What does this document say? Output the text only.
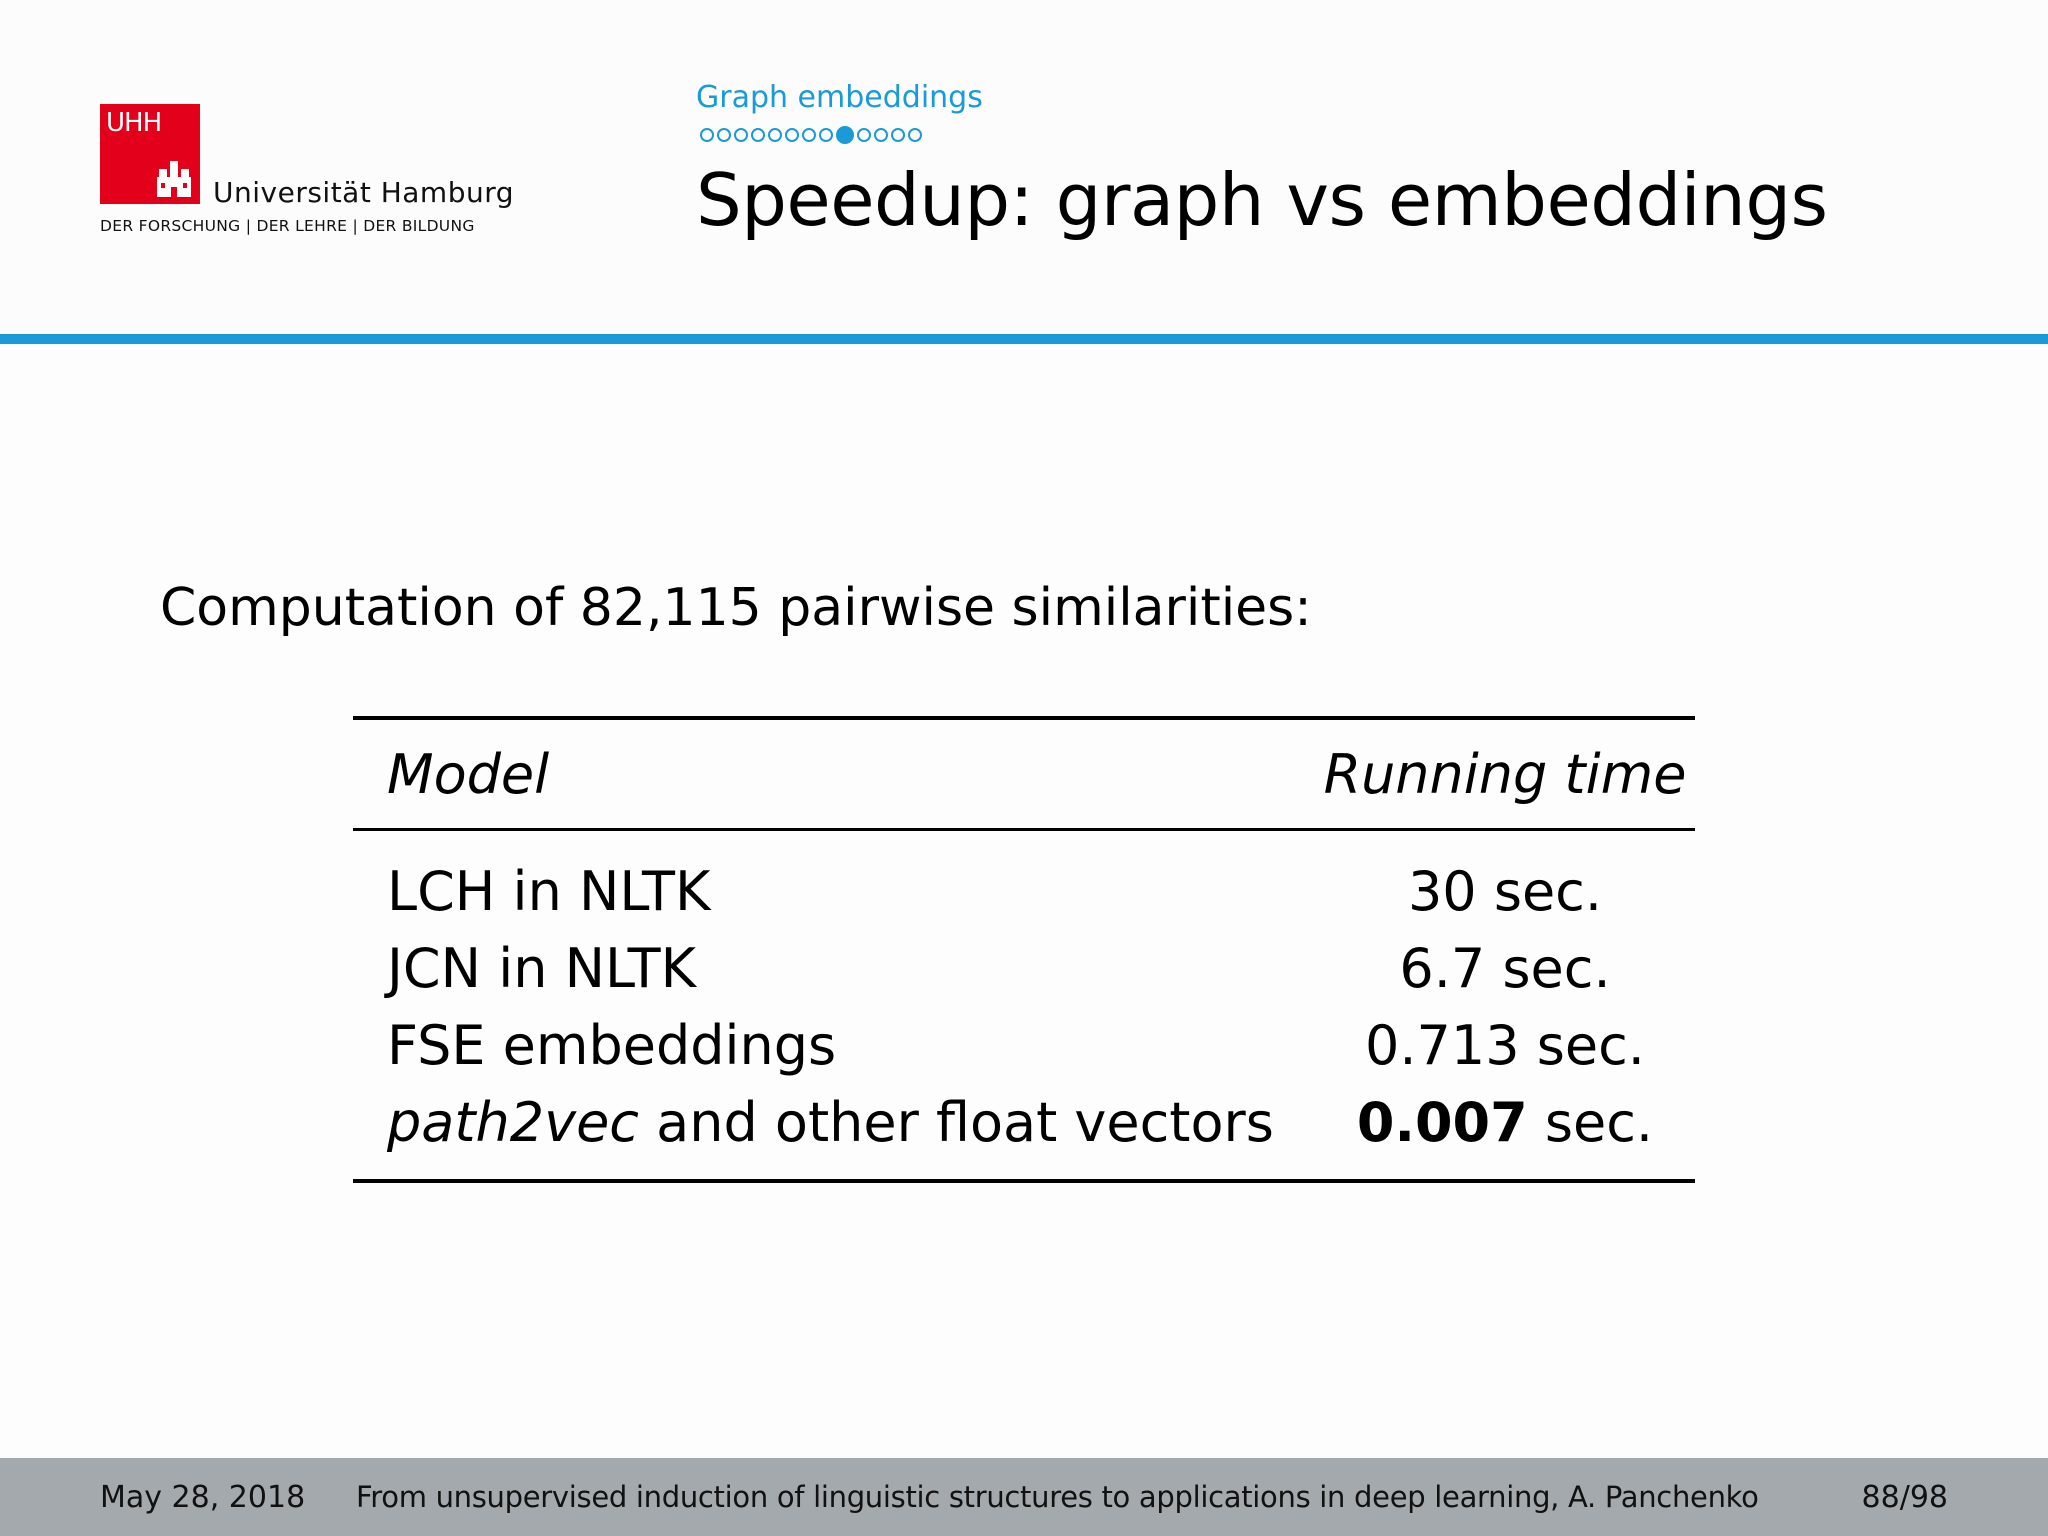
UHH
Universität Hamburg
DER FORSCHUNG | DER LEHRE | DER BILDUNG
Graph embeddings
Speedup: graph vs embeddings
Computation of 82,115 pairwise similarities:
Model	Running time
LCH in NLTK	30 sec.
JCN in NLTK	6.7 sec.
FSE embeddings	0.713 sec.
path2vec and other float vectors	0.007 sec.
May 28, 2018 From unsupervised induction of linguistic structures to applications in deep learning, A. Panchenko	88/98
